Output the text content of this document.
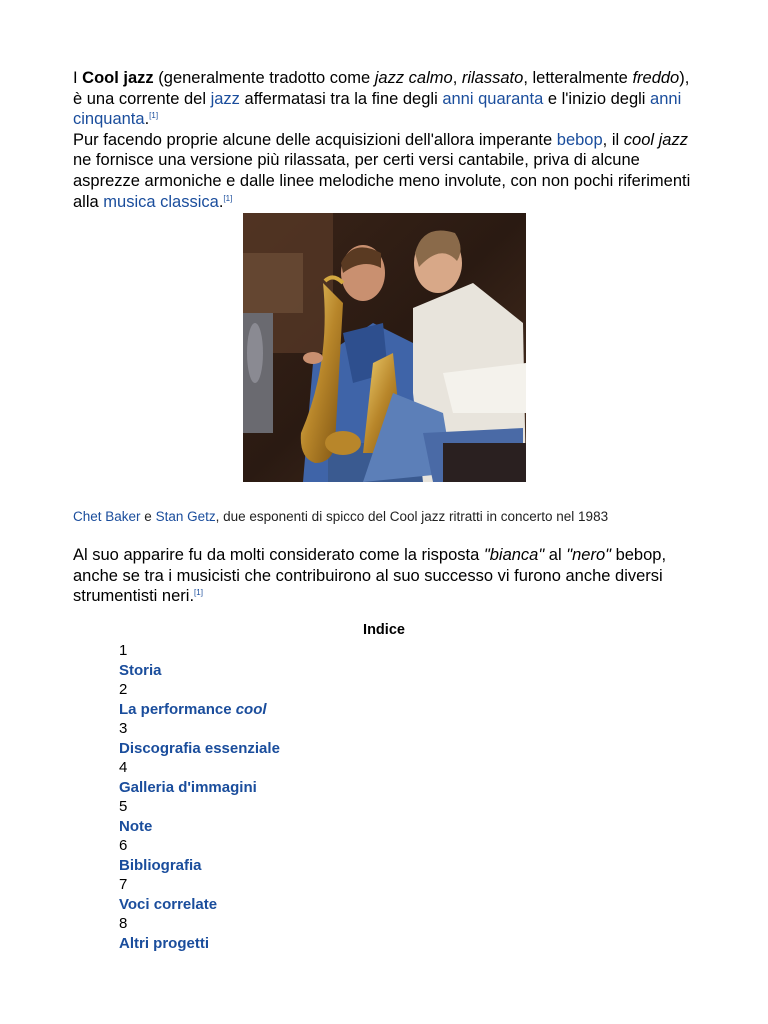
I Cool jazz (generalmente tradotto come jazz calmo, rilassato, letteralmente freddo), è una corrente del jazz affermatasi tra la fine degli anni quaranta e l'inizio degli anni cinquanta.[1]

Pur facendo proprie alcune delle acquisizioni dell'allora imperante bebop, il cool jazz ne fornisce una versione più rilassata, per certi versi cantabile, priva di alcune asprezze armoniche e dalle linee melodiche meno involute, con non pochi riferimenti alla musica classica.[1]

Chet Baker e Stan Getz, due esponenti di spicco del Cool jazz ritratti in concerto nel 1983

Al suo apparire fu da molti considerato come la risposta "bianca" al "nero" bebop, anche se tra i musicisti che contribuirono al suo successo vi furono anche diversi strumentisti neri.[1]

Indice
1
Storia
2
La performance cool
3
Discografia essenziale
4
Galleria d'immagini
5
Note
6
Bibliografia
7
Voci correlate
8
Altri progetti
